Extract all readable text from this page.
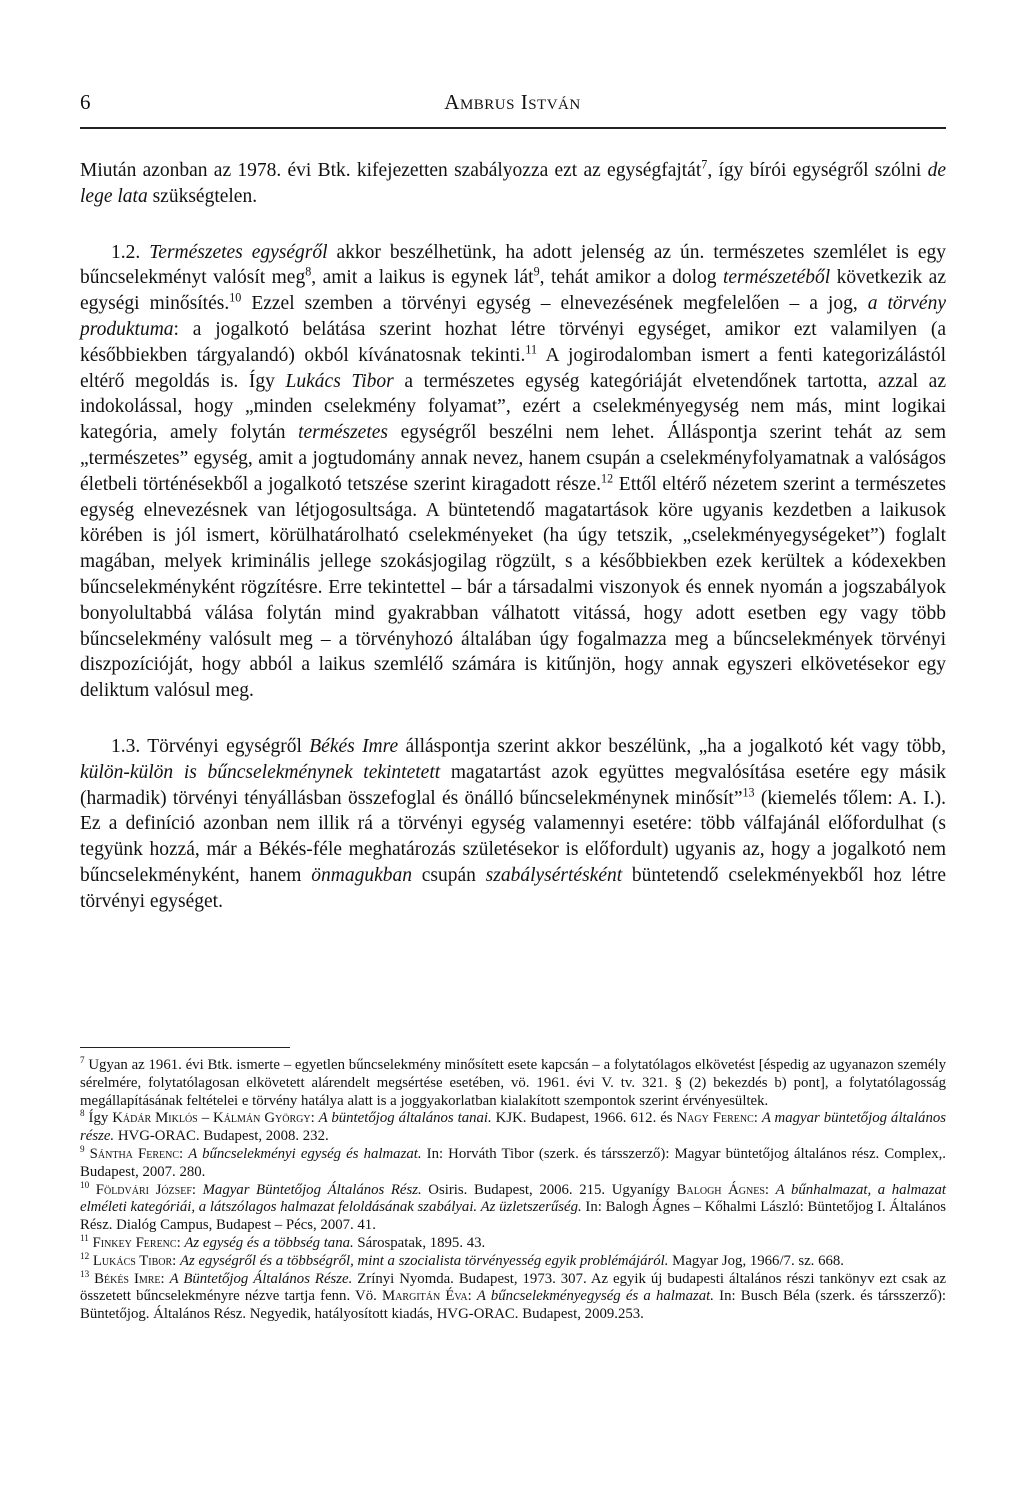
6	Ambrus István

Miután azonban az 1978. évi Btk. kifejezetten szabályozza ezt az egységfajtát$^7$, így bírói egységről szólni de lege lata szükségtelen.

1.2. Természetes egységről akkor beszélhetünk, ha adott jelenség az ún. természetes szemlélet is egy bűncselekményt valósít meg$^8$, amit a laikus is egynek lát$^9$, tehát amikor a dolog természetéből következik az egységi minősítés.$^{10}$ Ezzel szemben a törvényi egység – elnevezésének megfelelően – a jog, a törvény produktuma: a jogalkotó belátása szerint hozhat létre törvényi egységet, amikor ezt valamilyen (a későbbiekben tárgyalandó) okból kívánatosnak tekinti.$^{11}$ A jogirodalomban ismert a fenti kategorizálástól eltérő megoldás is. Így Lukács Tibor a természetes egység kategóriáját elvetendőnek tartotta, azzal az indokolással, hogy „minden cselekmény folyamat”, ezért a cselekményegység nem más, mint logikai kategória, amely folytán természetes egységről beszélni nem lehet. Álláspontja szerint tehát az sem „természetes” egység, amit a jogtudomány annak nevez, hanem csupán a cselekményfolyamatnak a valóságos életbeli történésekből a jogalkotó tetszése szerint kiragadott része.$^{12}$ Ettől eltérő nézetem szerint a természetes egység elnevezésnek van létjogosultsága. A büntetendő magatartások köre ugyanis kezdetben a laikusok körében is jól ismert, körülhatárolható cselekményeket (ha úgy tetszik, „cselekményegységeket”) foglalt magában, melyek kriminális jellege szokásjogilag rögzült, s a későbbiekben ezek kerültek a kódexekben bűncselekményként rögzítésre. Erre tekintettel – bár a társadalmi viszonyok és ennek nyomán a jogszabályok bonyolultabbá válása folytán mind gyakrabban válhatott vitássá, hogy adott esetben egy vagy több bűncselekmény valósult meg – a törvényhozó általában úgy fogalmazza meg a bűncselekmények törvényi diszpozícióját, hogy abból a laikus szemlélő számára is kitűnjön, hogy annak egyszeri elkövetésekor egy deliktum valósul meg.

1.3. Törvényi egységről Békés Imre álláspontja szerint akkor beszélünk, „ha a jogalkotó két vagy több, külön-külön is bűncselekménynek tekintetett magatartást azok együttes megvalósítása esetére egy másik (harmadik) törvényi tényállásban összefoglal és önálló bűncselekménynek minősít”$^{13}$ (kiemelés tőlem: A. I.). Ez a definíció azonban nem illik rá a törvényi egység valamennyi esetére: több válfajánál előfordulhat (s tegyünk hozzá, már a Békés-féle meghatározás születésekor is előfordult) ugyanis az, hogy a jogalkotó nem bűncselekményként, hanem önmagukban csupán szabálysértésként büntetendő cselekményekből hoz létre törvényi egységet.

$^7$ Ugyan az 1961. évi Btk. ismerte – egyetlen bűncselekmény minősített esete kapcsán – a folytatólagos elkövetést [éspedig az ugyanazon személy sérelmére, folytatólagosan elkövetett alárendelt megsértése esetében, vö. 1961. évi V. tv. 321. § (2) bekezdés b) pont], a folytatólagosság megállapításának feltételei e törvény hatálya alatt is a joggyakorlatban kialakított szempontok szerint érvényesültek.

$^8$ Így Kádár Miklós – Kálmán György: A büntetőjog általános tanai. KJK. Budapest, 1966. 612. és Nagy Ferenc: A magyar büntetőjog általános része. HVG-ORAC. Budapest, 2008. 232.

$^9$ Sántha Ferenc: A bűncselekményi egység és halmazat. In: Horváth Tibor (szerk. és társszerző): Magyar büntetőjog általános rész. Complex,. Budapest, 2007. 280.

$^{10}$ Földvári József: Magyar Büntetőjog Általános Rész. Osiris. Budapest, 2006. 215. Ugyanígy Balogh Ágnes: A bűnhalmazat, a halmazat elméleti kategóriái, a látszólagos halmazat feloldásának szabályai. Az üzletszerűség. In: Balogh Ágnes – Kőhalmi László: Büntetőjog I. Általános Rész. Dialóg Campus, Budapest – Pécs, 2007. 41.

$^{11}$ Finkey Ferenc: Az egység és a többség tana. Sárospatak, 1895. 43.

$^{12}$ Lukács Tibor: Az egységről és a többségről, mint a szocialista törvényesség egyik problémájáról. Magyar Jog, 1966/7. sz. 668.

$^{13}$ Békés Imre: A Büntetőjog Általános Része. Zrínyi Nyomda. Budapest, 1973. 307. Az egyik új budapesti általános részi tankönyv ezt csak az összetett bűncselekményre nézve tartja fenn. Vö. Margitán Éva: A bűncselekményegység és a halmazat. In: Busch Béla (szerk. és társszerző): Büntetőjog. Általános Rész. Negyedik, hatályosított kiadás, HVG-ORAC. Budapest, 2009.253.
